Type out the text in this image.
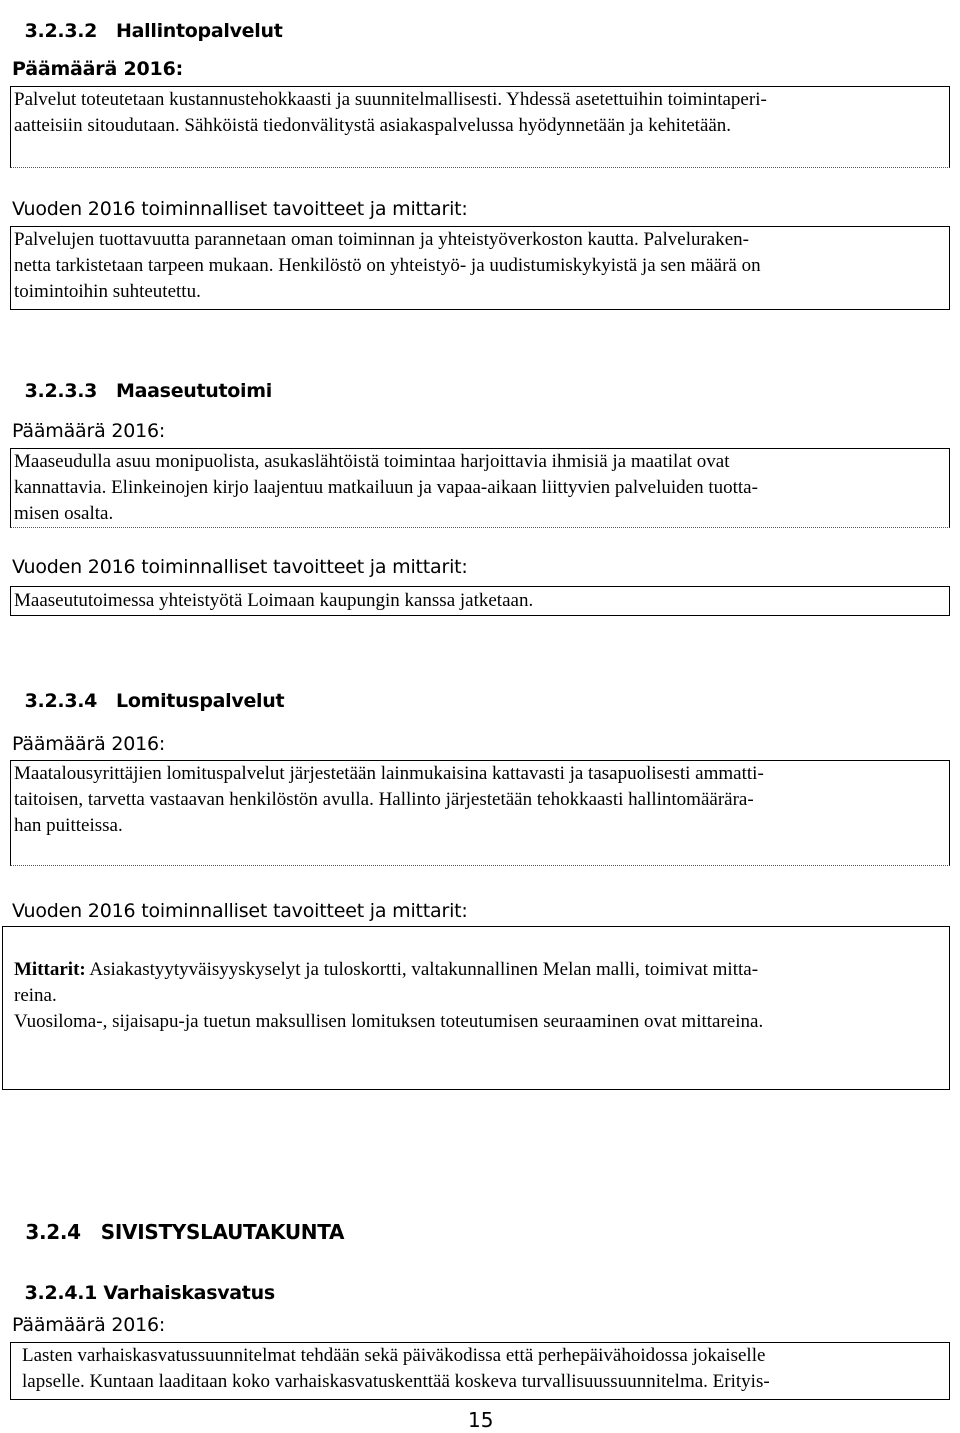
3.2.3.2 Hallintopalvelut

Päämäärä 2016:
Palvelut toteutetaan kustannustehokkaasti ja suunnitelmallisesti. Yhdessä asetettuihin toimintaperi-
aatteisiin sitoudutaan. Sähköistä tiedonvälitystä asiakaspalvelussa hyödynnetään ja kehitetään.
Vuoden 2016 toiminnalliset tavoitteet ja mittarit:
Palvelujen tuottavuutta parannetaan oman toiminnan ja yhteistyöverkoston kautta. Palveluraken-
netta tarkistetaan tarpeen mukaan. Henkilöstö on yhteistyö- ja uudistumiskykyistä ja sen määrä on
toimintoihin suhteutettu.

3.2.3.3 Maaseututoimi

Päämäärä 2016:
Maaseudulla asuu monipuolista, asukaslähtöistä toimintaa harjoittavia ihmisiä ja maatilat ovat
kannattavia. Elinkeinojen kirjo laajentuu matkailuun ja vapaa-aikaan liittyvien palveluiden tuotta-
misen osalta.
Vuoden 2016 toiminnalliset tavoitteet ja mittarit:
Maaseututoimessa yhteistyötä Loimaan kaupungin kanssa jatketaan.

3.2.3.4 Lomituspalvelut

Päämäärä 2016:
Maatalousyrittäjien lomituspalvelut järjestetään lainmukaisina kattavasti ja tasapuolisesti ammatti-
taitoisen, tarvetta vastaavan henkilöstön avulla. Hallinto järjestetään tehokkaasti hallintomäärära-
han puitteissa.
Vuoden 2016 toiminnalliset tavoitteet ja mittarit:
Mittarit: Asiakastyytyväisyyskyselyt ja tuloskortti, valtakunnallinen Melan malli, toimivat mitta-
reina.
Vuosiloma-, sijaisapu-ja tuetun maksullisen lomituksen toteutumisen seuraaminen ovat mittareina.

3.2.4 SIVISTYSLAUTAKUNTA

3.2.4.1 Varhaiskasvatus

Päämäärä 2016:
Lasten varhaiskasvatussuunnitelmat tehdään sekä päiväkodissa että perhepäivähoidossa jokaiselle
lapselle. Kuntaan laaditaan koko varhaiskasvatuskenttää koskeva turvallisuussuunnitelma. Erityis-
15
